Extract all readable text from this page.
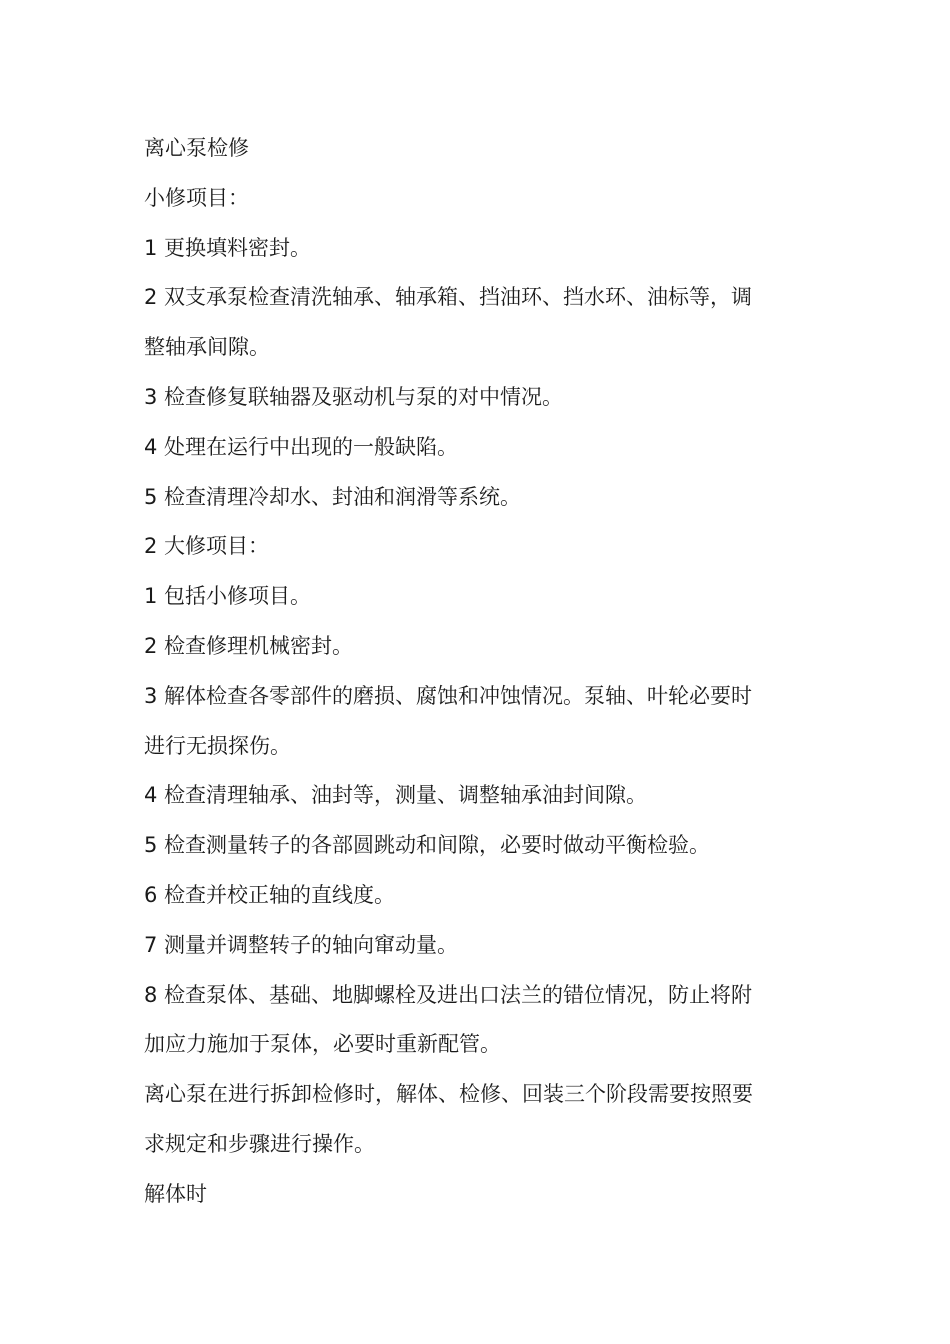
离心泵检修
小修项目：
1 更换填料密封。
2 双支承泵检查清洗轴承、轴承箱、挡油环、挡水环、油标等，调
整轴承间隙。
3 检查修复联轴器及驱动机与泵的对中情况。
4 处理在运行中出现的一般缺陷。
5 检查清理冷却水、封油和润滑等系统。
2 大修项目：
1 包括小修项目。
2 检查修理机械密封。
3 解体检查各零部件的磨损、腐蚀和冲蚀情况。泵轴、叶轮必要时
进行无损探伤。
4 检查清理轴承、油封等，测量、调整轴承油封间隙。
5 检查测量转子的各部圆跳动和间隙，必要时做动平衡检验。
6 检查并校正轴的直线度。
7 测量并调整转子的轴向窜动量。
8 检查泵体、基础、地脚螺栓及进出口法兰的错位情况，防止将附
加应力施加于泵体，必要时重新配管。
离心泵在进行拆卸检修时，解体、检修、回装三个阶段需要按照要
求规定和步骤进行操作。
解体时
